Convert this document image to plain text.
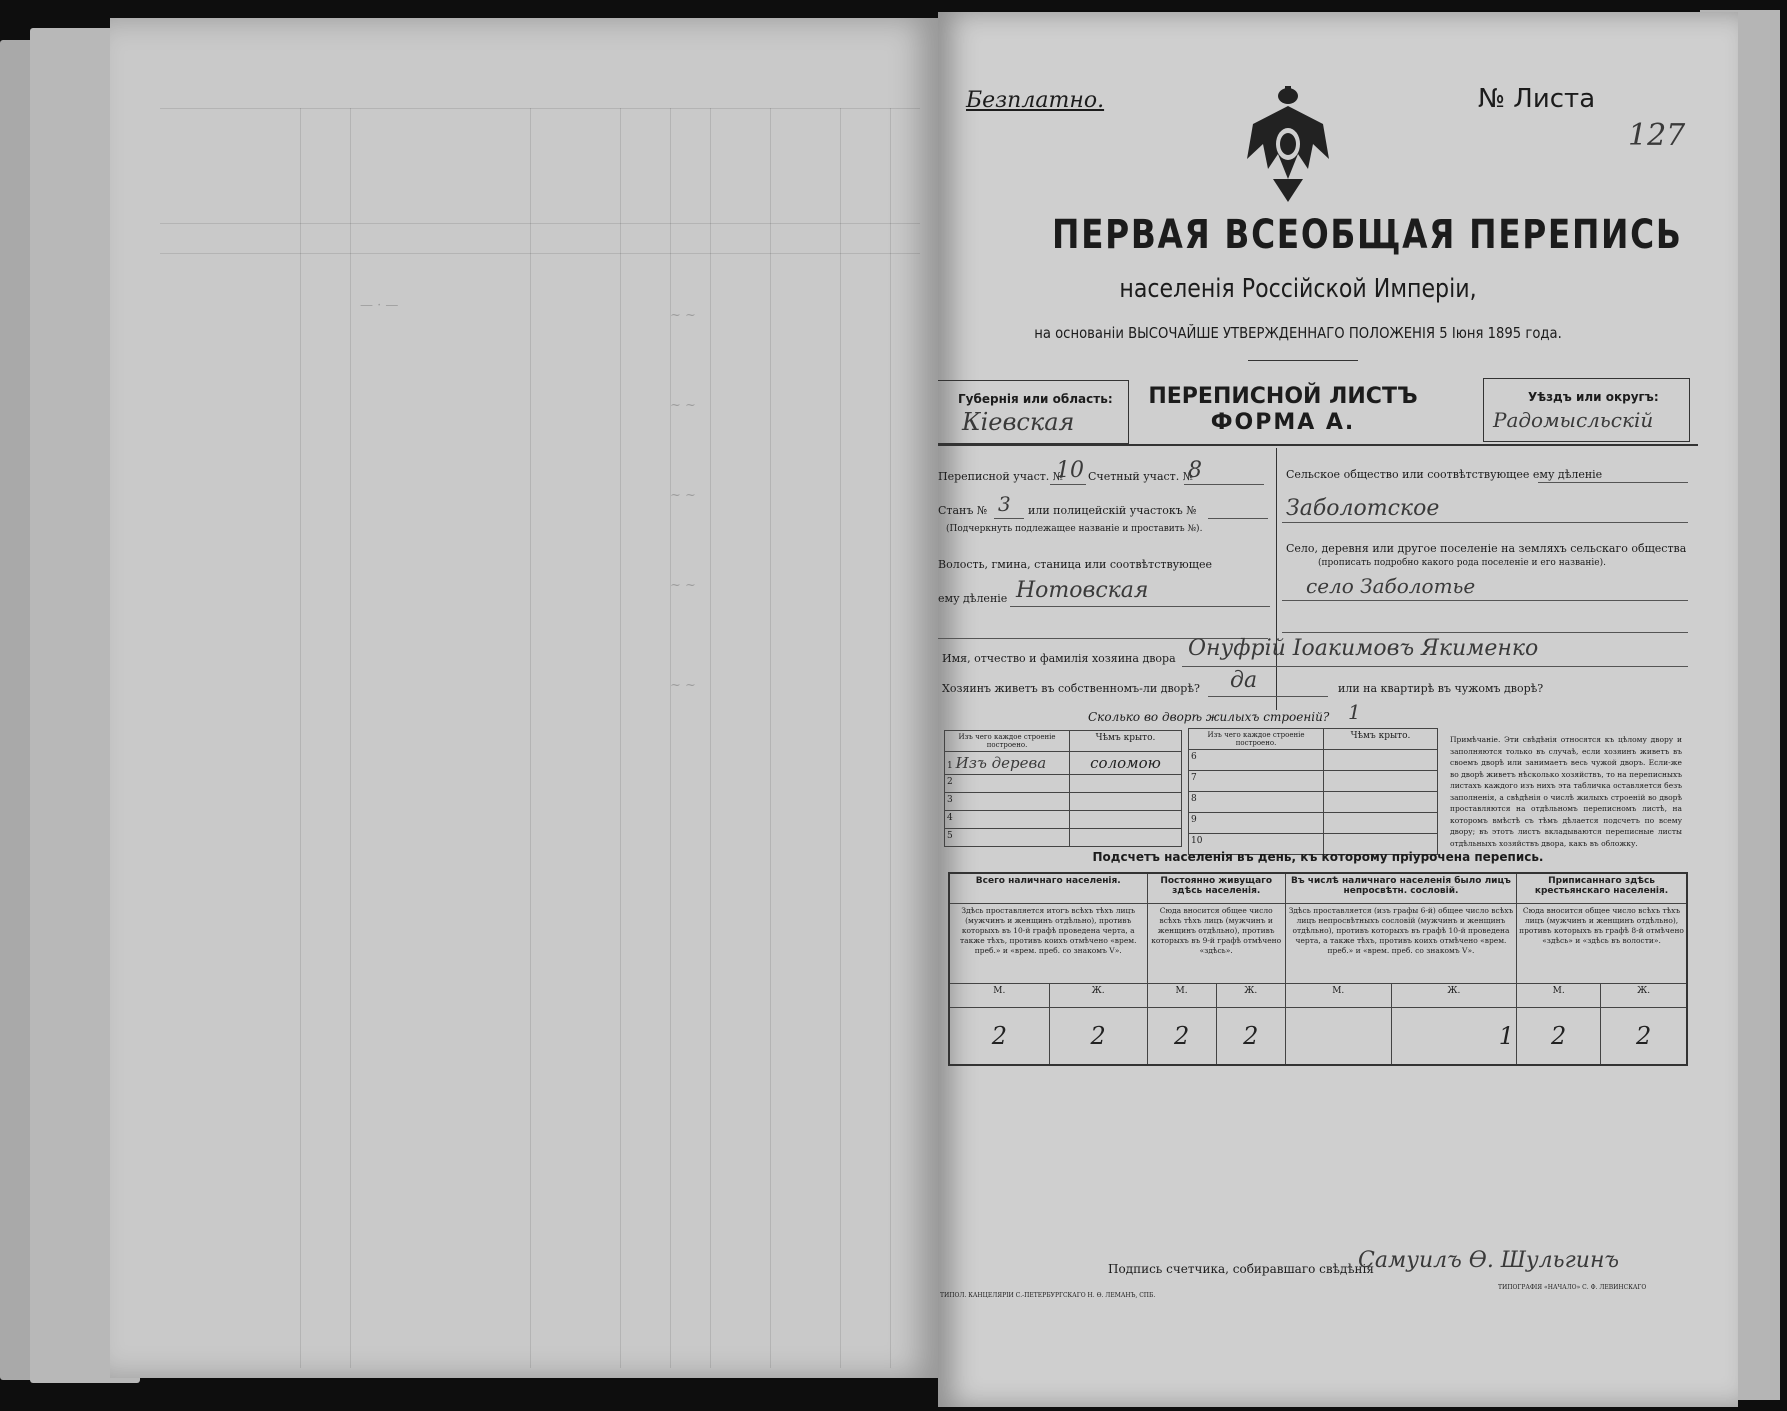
— · —
~ ~
~ ~
~ ~
~ ~
~ ~
Безплатно.	№ Листа
127
ПЕРВАЯ ВСЕОБЩАЯ ПЕРЕПИСЬ
населенія Россійской Имперіи,
на основаніи ВЫСОЧАЙШЕ УТВЕРЖДЕННАГО ПОЛОЖЕНІЯ 5 Іюня 1895 года.
Губернія или область:
Кіевская
ПЕРЕПИСНОЙ ЛИСТЪ
ФОРМА А.
Уѣздъ или округъ:
Радомысльскій
Переписной участ. №
10 Счетный участ. №
8
Станъ № 3 или полицейскій участокъ №
(Подчеркнуть подлежащее названіе и проставить №).
Волость, гмина, станица или соотвѣтствующее
ему дѣленіе Нотовская
Сельское общество или соотвѣтствующее ему дѣленіе
Заболотское
Село, деревня или другое поселеніе на земляхъ сельскаго общества
(прописать подробно какого рода поселеніе и его названіе).
село Заболотье
Имя, отчество и фамилія хозяина двора Онуфрій Іоакимовъ Якименко
Хозяинъ живетъ въ собственномъ-ли дворѣ? да	или на квартирѣ въ чужомъ дворѣ?
Сколько во дворѣ жилыхъ строеній? 1
Изъ чего каждое строеніе построено.	Чѣмъ крыто.
1 Изъ дерева	соломою
2	
3	
4	
5	
Изъ чего каждое строеніе построено.	Чѣмъ крыто.
6	
7	
8	
9	
10	
Примѣчаніе. Эти свѣдѣнія относятся къ цѣлому двору и заполняются только въ случаѣ, если хозяинъ живетъ въ своемъ дворѣ или занимаетъ весь чужой дворъ. Если-же во дворѣ живетъ нѣсколько хозяйствъ, то на переписныхъ листахъ каждого изъ нихъ эта табличка оставляется безъ заполненія, а свѣдѣнія о числѣ жилыхъ строеній во дворѣ проставляются на отдѣльномъ переписномъ листѣ, на которомъ вмѣстѣ съ тѣмъ дѣлается подсчетъ по всему двору; въ этотъ листъ вкладываются переписные листы отдѣльныхъ хозяйствъ двора, какъ въ обложку.
Подсчетъ населенія въ день, къ которому пріурочена перепись.
Всего наличнаго населенія.		Постоянно живущаго здѣсь населенія.		Въ числѣ наличнаго населенія было лицъ непросвѣтн. сословій.		Приписаннаго здѣсь крестьянскаго населенія.	
Здѣсь проставляется итогъ всѣхъ тѣхъ лицъ (мужчинъ и женщинъ отдѣльно), противъ которыхъ въ 10-й графѣ проведена черта, а также тѣхъ, противъ коихъ отмѣчено «врем. преб.» и «врем. преб. со знакомъ V».		Сюда вносится общее число всѣхъ тѣхъ лицъ (мужчинъ и женщинъ отдѣльно), противъ которыхъ въ 9-й графѣ отмѣчено «здѣсь».		Здѣсь проставляется (изъ графы 6-й) общее число всѣхъ лицъ непросвѣтныхъ сословій (мужчинъ и женщинъ отдѣльно), противъ которыхъ въ графѣ 10-й проведена черта, а также тѣхъ, противъ коихъ отмѣчено «врем. преб.» и «врем. преб. со знакомъ V».		Сюда вносится общее число всѣхъ тѣхъ лицъ (мужчинъ и женщинъ отдѣльно), противъ которыхъ въ графѣ 8-й отмѣчено «здѣсь» и «здѣсь въ волости».	
М.	Ж.	М.	Ж.	М.	Ж.	М.	Ж.
2	2	2	2		1	2	2
Подпись счетчика, собиравшаго свѣдѣнія
Самуилъ Ѳ. Шульгинъ
ТИПОЛ. КАНЦЕЛЯРІИ С.-ПЕТЕРБУРГСКАГО Н. Ѳ. ЛЕМАНЪ, СПБ.
ТИПОГРАФІЯ «НАЧАЛО» С. Ф. ЛЕВИНСКАГО
